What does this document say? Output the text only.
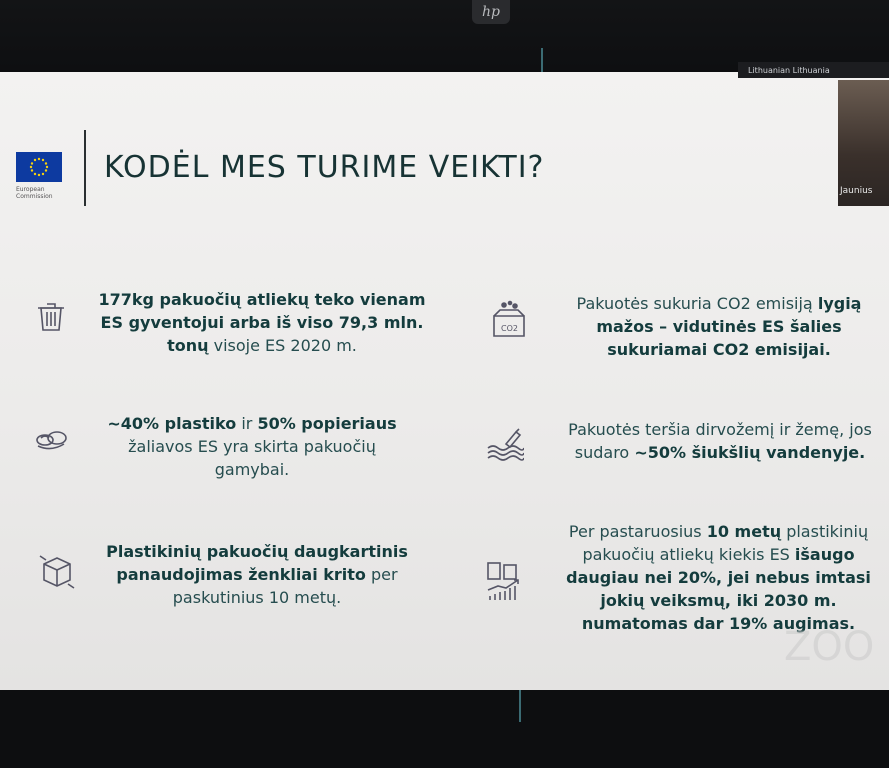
hp
Lithuanian Lithuania
Jaunius
European Commission
KODĖL MES TURIME VEIKTI?
CO2
177kg pakuočių atliekų teko vienam ES gyventojui arba iš viso 79,3 mln. tonų visoje ES 2020 m.
~40% plastiko ir 50% popieriaus žaliavos ES yra skirta pakuočių gamybai.
Plastikinių pakuočių daugkartinis panaudojimas ženkliai krito per paskutinius 10 metų.
Pakuotės sukuria CO2 emisiją lygią mažos – vidutinės ES šalies sukuriamai CO2 emisijai.
Pakuotės teršia dirvožemį ir žemę, jos sudaro ~50% šiukšlių vandenyje.
Per pastaruosius 10 metų plastikinių pakuočių atliekų kiekis ES išaugo daugiau nei 20%, jei nebus imtasi jokių veiksmų, iki 2030 m. numatomas dar 19% augimas.
ZOO
